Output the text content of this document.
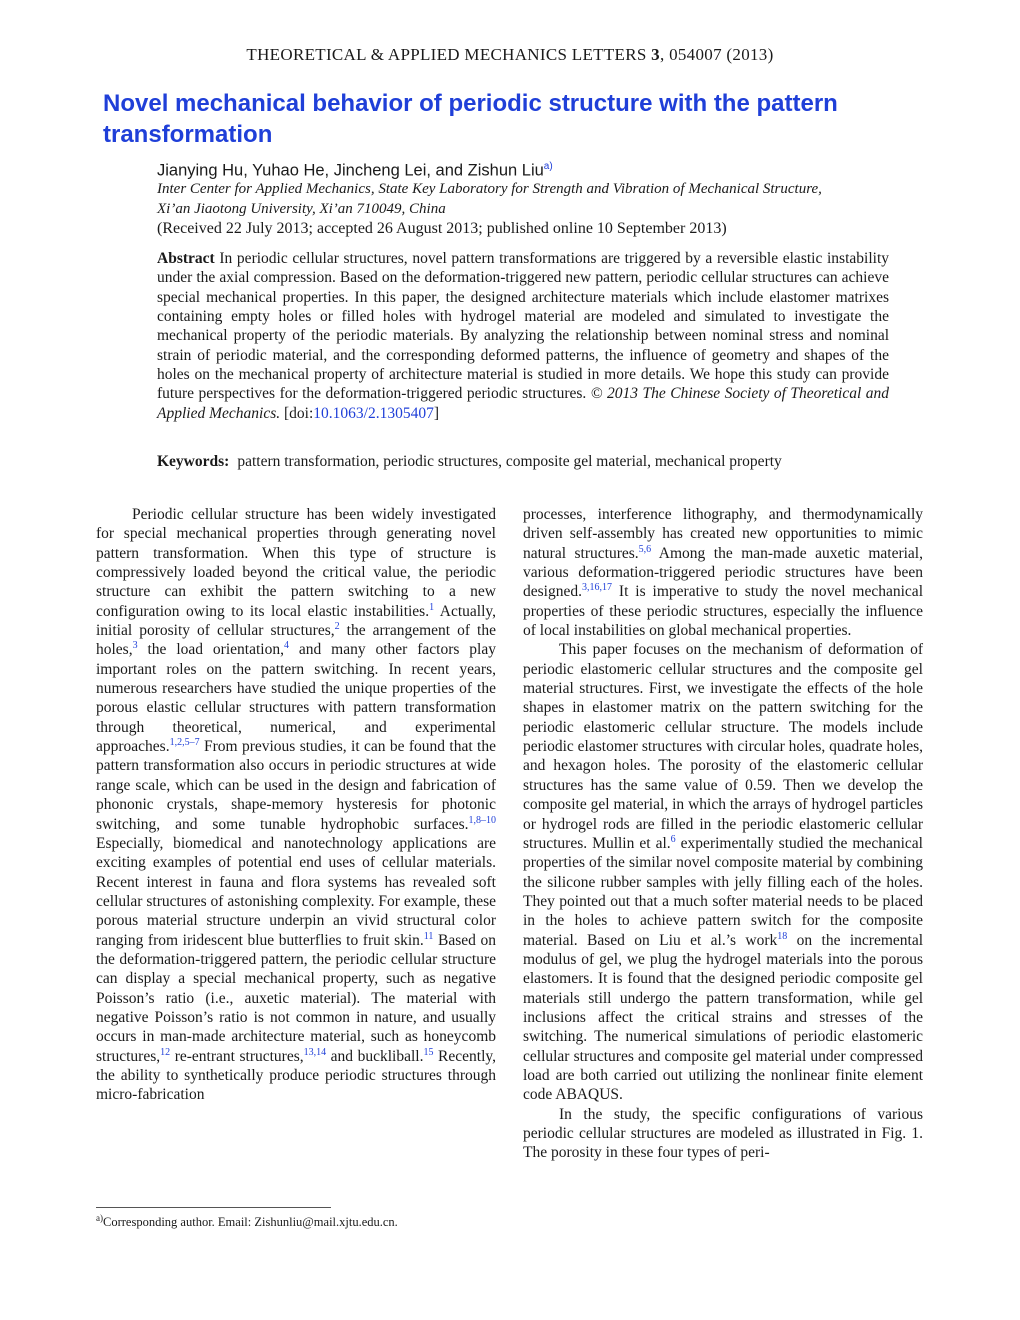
THEORETICAL & APPLIED MECHANICS LETTERS 3, 054007 (2013)
Novel mechanical behavior of periodic structure with the pattern transformation
Jianying Hu, Yuhao He, Jincheng Lei, and Zishun Liu$^{a)}$
Inter Center for Applied Mechanics, State Key Laboratory for Strength and Vibration of Mechanical Structure,
Xi’an Jiaotong University, Xi’an 710049, China
(Received 22 July 2013; accepted 26 August 2013; published online 10 September 2013)
Abstract In periodic cellular structures, novel pattern transformations are triggered by a reversible elastic instability under the axial compression. Based on the deformation-triggered new pattern, periodic cellular structures can achieve special mechanical properties. In this paper, the designed architecture materials which include elastomer matrixes containing empty holes or filled holes with hydrogel material are modeled and simulated to investigate the mechanical property of the periodic materials. By analyzing the relationship between nominal stress and nominal strain of periodic material, and the corresponding deformed patterns, the influence of geometry and shapes of the holes on the mechanical property of architecture material is studied in more details. We hope this study can provide future perspectives for the deformation-triggered periodic structures. © 2013 The Chinese Society of Theoretical and Applied Mechanics. [doi:10.1063/2.1305407]
Keywords: pattern transformation, periodic structures, composite gel material, mechanical property

Periodic cellular structure has been widely investigated for special mechanical properties through generating novel pattern transformation. When this type of structure is compressively loaded beyond the critical value, the periodic structure can exhibit the pattern switching to a new configuration owing to its local elastic instabilities.$^1$ Actually, initial porosity of cellular structures,$^2$ the arrangement of the holes,$^3$ the load orientation,$^4$ and many other factors play important roles on the pattern switching. In recent years, numerous researchers have studied the unique properties of the porous elastic cellular structures with pattern transformation through theoretical, numerical, and experimental approaches.$^{1,2,5-7}$ From previous studies, it can be found that the pattern transformation also occurs in periodic structures at wide range scale, which can be used in the design and fabrication of phononic crystals, shape-memory hysteresis for photonic switching, and some tunable hydrophobic surfaces.$^{1,8-10}$ Especially, biomedical and nanotechnology applications are exciting examples of potential end uses of cellular materials. Recent interest in fauna and flora systems has revealed soft cellular structures of astonishing complexity. For example, these porous material structure underpin an vivid structural color ranging from iridescent blue butterflies to fruit skin.$^{11}$ Based on the deformation-triggered pattern, the periodic cellular structure can display a special mechanical property, such as negative Poisson’s ratio (i.e., auxetic material). The material with negative Poisson’s ratio is not common in nature, and usually occurs in man-made architecture material, such as honeycomb structures,$^{12}$ re-entrant structures,$^{13,14}$ and buckliball.$^{15}$ Recently, the ability to synthetically produce periodic structures through micro-fabrication

processes, interference lithography, and thermodynamically driven self-assembly has created new opportunities to mimic natural structures.$^{5,6}$ Among the man-made auxetic material, various deformation-triggered periodic structures have been designed.$^{3,16,17}$ It is imperative to study the novel mechanical properties of these periodic structures, especially the influence of local instabilities on global mechanical properties.

This paper focuses on the mechanism of deformation of periodic elastomeric cellular structures and the composite gel material structures. First, we investigate the effects of the hole shapes in elastomer matrix on the pattern switching for the periodic elastomeric cellular structure. The models include periodic elastomer structures with circular holes, quadrate holes, and hexagon holes. The porosity of the elastomeric cellular structures has the same value of 0.59. Then we develop the composite gel material, in which the arrays of hydrogel particles or hydrogel rods are filled in the periodic elastomeric cellular structures. Mullin et al.$^6$ experimentally studied the mechanical properties of the similar novel composite material by combining the silicone rubber samples with jelly filling each of the holes. They pointed out that a much softer material needs to be placed in the holes to achieve pattern switch for the composite material. Based on Liu et al.’s work$^{18}$ on the incremental modulus of gel, we plug the hydrogel materials into the porous elastomers. It is found that the designed periodic composite gel materials still undergo the pattern transformation, while gel inclusions affect the critical strains and stresses of the switching. The numerical simulations of periodic elastomeric cellular structures and composite gel material under compressed load are both carried out utilizing the nonlinear finite element code ABAQUS.

In the study, the specific configurations of various periodic cellular structures are modeled as illustrated in Fig. 1. The porosity in these four types of peri-

$^{a)}$Corresponding author. Email: Zishunliu@mail.xjtu.edu.cn.
